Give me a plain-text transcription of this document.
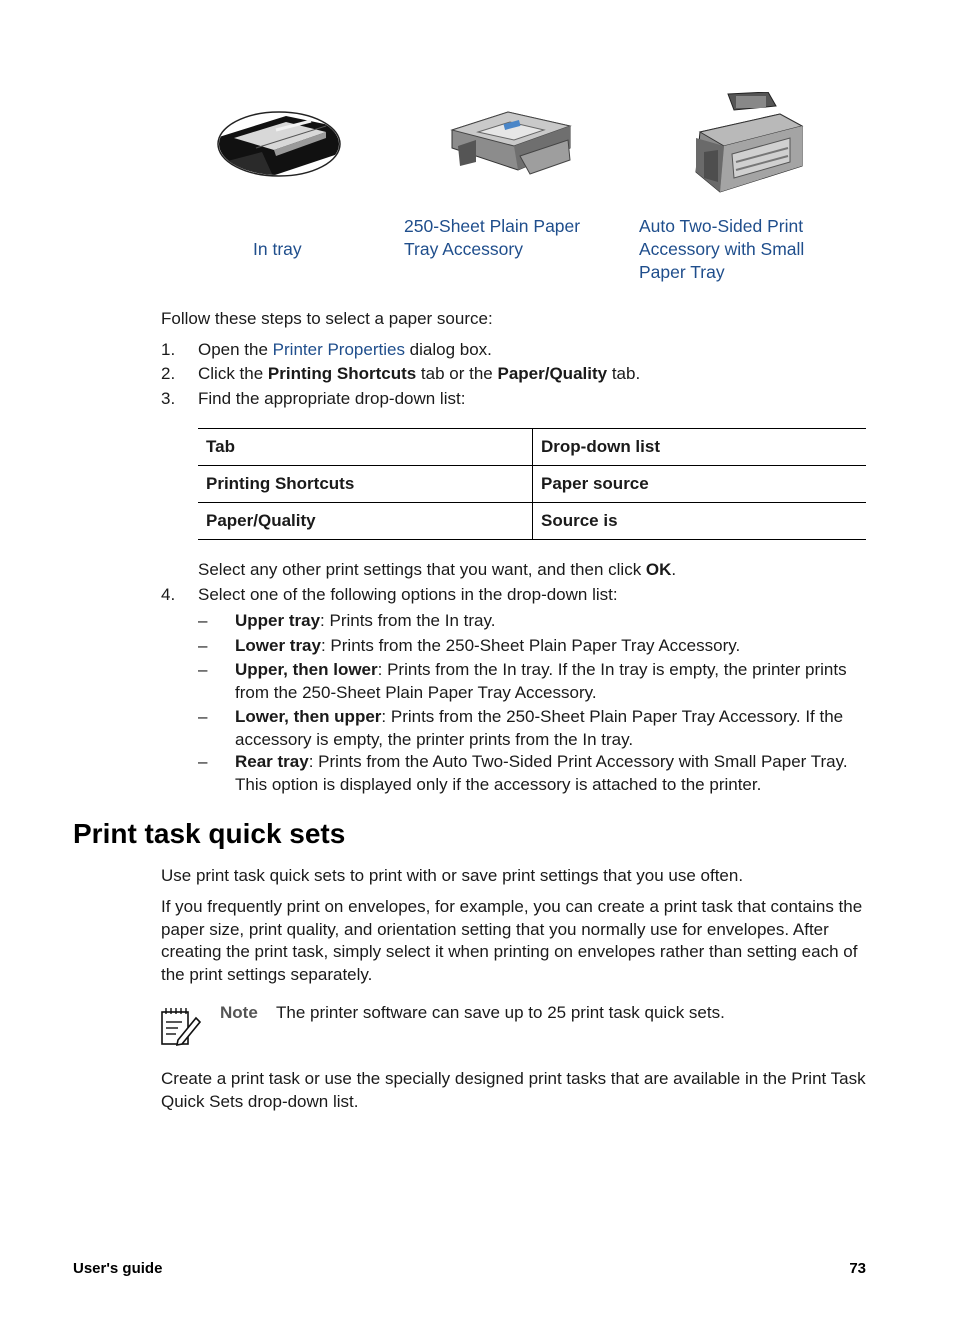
In tray
250-Sheet Plain Paper Tray Accessory
Auto Two-Sided Print Accessory with Small Paper Tray

Follow these steps to select a paper source:

1. Open the Printer Properties dialog box.
2. Click the Printing Shortcuts tab or the Paper/Quality tab.
3. Find the appropriate drop-down list:
Tab	Drop-down list
Printing Shortcuts	Paper source
Paper/Quality	Source is
Select any other print settings that you want, and then click OK.
4. Select one of the following options in the drop-down list:
– Upper tray: Prints from the In tray.
– Lower tray: Prints from the 250-Sheet Plain Paper Tray Accessory.
– Upper, then lower: Prints from the In tray. If the In tray is empty, the printer prints from the 250-Sheet Plain Paper Tray Accessory.
– Lower, then upper: Prints from the 250-Sheet Plain Paper Tray Accessory. If the accessory is empty, the printer prints from the In tray.
– Rear tray: Prints from the Auto Two-Sided Print Accessory with Small Paper Tray. This option is displayed only if the accessory is attached to the printer.
Print task quick sets

Use print task quick sets to print with or save print settings that you use often.

If you frequently print on envelopes, for example, you can create a print task that contains the paper size, print quality, and orientation setting that you normally use for envelopes. After creating the print task, simply select it when printing on envelopes rather than setting each of the print settings separately.

Note The printer software can save up to 25 print task quick sets.

Create a print task or use the specially designed print tasks that are available in the Print Task Quick Sets drop-down list.

User's guide	73
